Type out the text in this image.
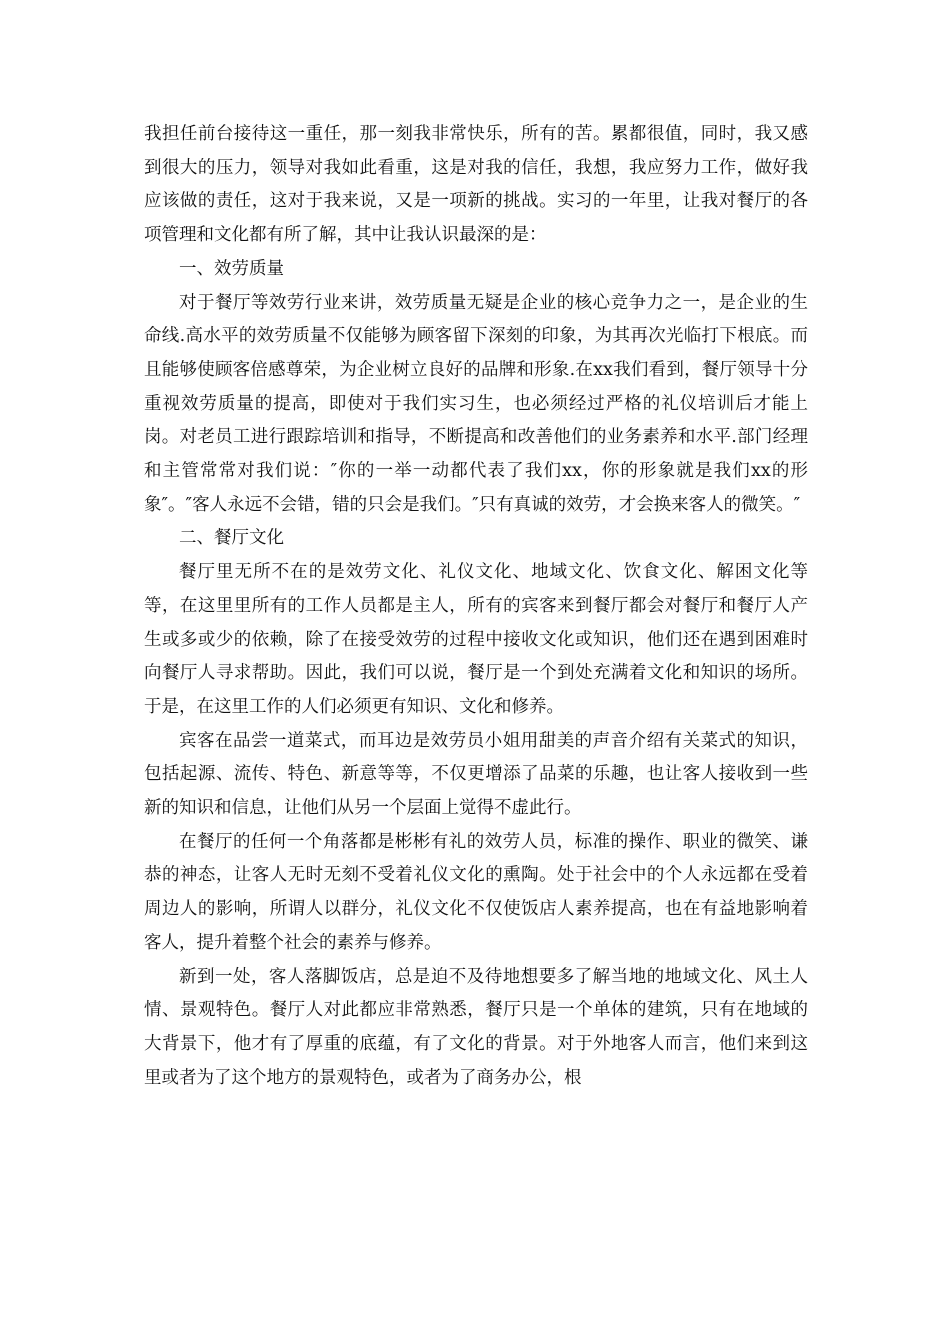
我担任前台接待这一重任，那一刻我非常快乐，所有的苦。累都很值，同时，我又感到很大的压力，领导对我如此看重，这是对我的信任，我想，我应努力工作，做好我应该做的责任，这对于我来说，又是一项新的挑战。实习的一年里，让我对餐厅的各项管理和文化都有所了解，其中让我认识最深的是：

一、效劳质量

对于餐厅等效劳行业来讲，效劳质量无疑是企业的核心竞争力之一，是企业的生命线.高水平的效劳质量不仅能够为顾客留下深刻的印象，为其再次光临打下根底。而且能够使顾客倍感尊荣，为企业树立良好的品牌和形象.在xx我们看到，餐厅领导十分重视效劳质量的提高，即使对于我们实习生，也必须经过严格的礼仪培训后才能上岗。对老员工进行跟踪培训和指导，不断提高和改善他们的业务素养和水平.部门经理和主管常常对我们说：″你的一举一动都代表了我们xx，你的形象就是我们xx的形象″。″客人永远不会错，错的只会是我们。″只有真诚的效劳，才会换来客人的微笑。″

二、餐厅文化

餐厅里无所不在的是效劳文化、礼仪文化、地域文化、饮食文化、解困文化等等，在这里里所有的工作人员都是主人，所有的宾客来到餐厅都会对餐厅和餐厅人产生或多或少的依赖，除了在接受效劳的过程中接收文化或知识，他们还在遇到困难时向餐厅人寻求帮助。因此，我们可以说，餐厅是一个到处充满着文化和知识的场所。于是，在这里工作的人们必须更有知识、文化和修养。

宾客在品尝一道菜式，而耳边是效劳员小姐用甜美的声音介绍有关菜式的知识，包括起源、流传、特色、新意等等，不仅更增添了品菜的乐趣，也让客人接收到一些新的知识和信息，让他们从另一个层面上觉得不虚此行。

在餐厅的任何一个角落都是彬彬有礼的效劳人员，标准的操作、职业的微笑、谦恭的神态，让客人无时无刻不受着礼仪文化的熏陶。处于社会中的个人永远都在受着周边人的影响，所谓人以群分，礼仪文化不仅使饭店人素养提高，也在有益地影响着客人，提升着整个社会的素养与修养。

新到一处，客人落脚饭店，总是迫不及待地想要多了解当地的地域文化、风土人情、景观特色。餐厅人对此都应非常熟悉，餐厅只是一个单体的建筑，只有在地域的大背景下，他才有了厚重的底蕴，有了文化的背景。对于外地客人而言，他们来到这里或者为了这个地方的景观特色，或者为了商务办公，根
